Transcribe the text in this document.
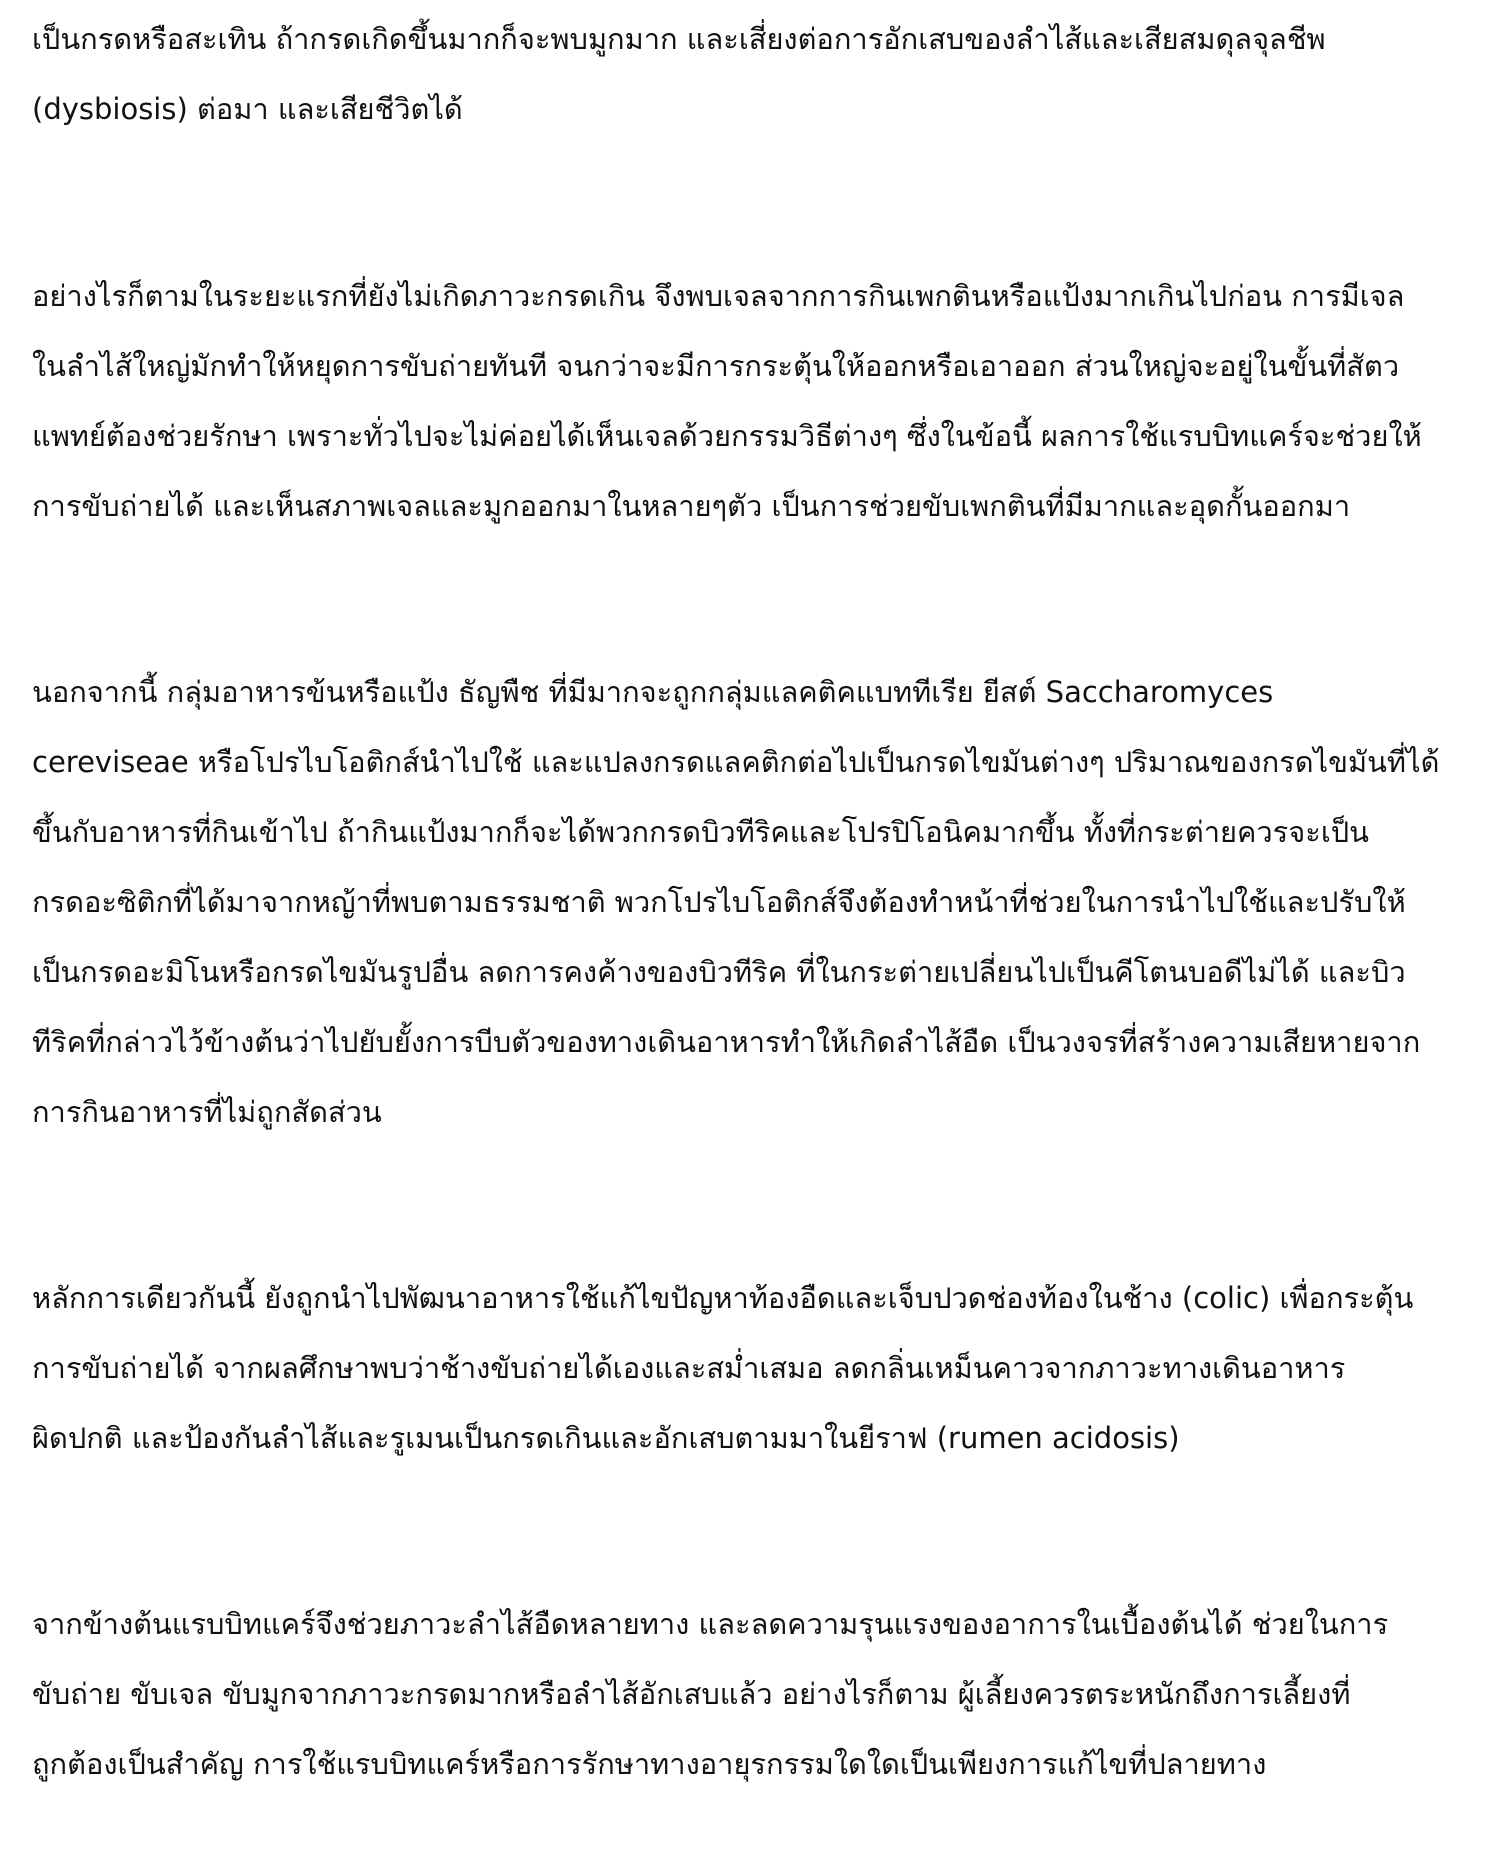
เป็นกรดหรือสะเทิน ถ้ากรดเกิดขึ้นมากก็จะพบมูกมาก และเสี่ยงต่อการอักเสบของลำไส้และเสียสมดุลจุลชีพ
(dysbiosis) ต่อมา และเสียชีวิตได้
อย่างไรก็ตามในระยะแรกที่ยังไม่เกิดภาวะกรดเกิน จึงพบเจลจากการกินเพกตินหรือแป้งมากเกินไปก่อน การมีเจล
ในลำไส้ใหญ่มักทำให้หยุดการขับถ่ายทันที จนกว่าจะมีการกระตุ้นให้ออกหรือเอาออก ส่วนใหญ่จะอยู่ในขั้นที่สัตว
แพทย์ต้องช่วยรักษา เพราะทั่วไปจะไม่ค่อยได้เห็นเจลด้วยกรรมวิธีต่างๆ ซึ่งในข้อนี้ ผลการใช้แรบบิทแคร์จะช่วยให้
การขับถ่ายได้ และเห็นสภาพเจลและมูกออกมาในหลายๆตัว เป็นการช่วยขับเพกตินที่มีมากและอุดกั้นออกมา
นอกจากนี้ กลุ่มอาหารข้นหรือแป้ง ธัญพืช ที่มีมากจะถูกกลุ่มแลคติคแบททีเรีย ยีสต์ Saccharomyces
cereviseae หรือโปรไบโอติกส์นำไปใช้ และแปลงกรดแลคติกต่อไปเป็นกรดไขมันต่างๆ ปริมาณของกรดไขมันที่ได้
ขึ้นกับอาหารที่กินเข้าไป ถ้ากินแป้งมากก็จะได้พวกกรดบิวทีริคและโปรปิโอนิคมากขึ้น ทั้งที่กระต่ายควรจะเป็น
กรดอะซิติกที่ได้มาจากหญ้าที่พบตามธรรมชาติ พวกโปรไบโอติกส์จึงต้องทำหน้าที่ช่วยในการนำไปใช้และปรับให้
เป็นกรดอะมิโนหรือกรดไขมันรูปอื่น ลดการคงค้างของบิวทีริค ที่ในกระต่ายเปลี่ยนไปเป็นคีโตนบอดีไม่ได้ และบิว
ทีริคที่กล่าวไว้ข้างต้นว่าไปยับยั้งการบีบตัวของทางเดินอาหารทำให้เกิดลำไส้อืด เป็นวงจรที่สร้างความเสียหายจาก
การกินอาหารที่ไม่ถูกสัดส่วน
หลักการเดียวกันนี้ ยังถูกนำไปพัฒนาอาหารใช้แก้ไขปัญหาท้องอืดและเจ็บปวดช่องท้องในช้าง (colic) เพื่อกระตุ้น
การขับถ่ายได้ จากผลศึกษาพบว่าช้างขับถ่ายได้เองและสม่ำเสมอ ลดกลิ่นเหม็นคาวจากภาวะทางเดินอาหาร
ผิดปกติ และป้องกันลำไส้และรูเมนเป็นกรดเกินและอักเสบตามมาในยีราฟ (rumen acidosis)
จากข้างต้นแรบบิทแคร์จึงช่วยภาวะลำไส้อืดหลายทาง และลดความรุนแรงของอาการในเบื้องต้นได้ ช่วยในการ
ขับถ่าย ขับเจล ขับมูกจากภาวะกรดมากหรือลำไส้อักเสบแล้ว อย่างไรก็ตาม ผู้เลี้ยงควรตระหนักถึงการเลี้ยงที่
ถูกต้องเป็นสำคัญ การใช้แรบบิทแคร์หรือการรักษาทางอายุรกรรมใดใดเป็นเพียงการแก้ไขที่ปลายทาง
